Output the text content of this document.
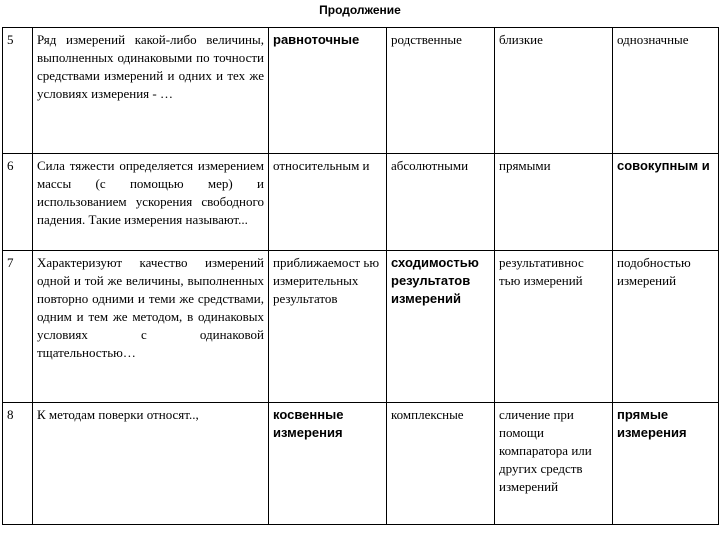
Продолжение
5	Ряд измерений какой-либо величины, выполненных одинаковыми по точности средствами измерений и одних и тех же условиях измерения - …	равноточные	родственные	близкие	однозначные
6	Сила тяжести определяется измерением массы (с помощью мер) и использованием ускорения свободного падения. Такие измерения называют...	относительным и	абсолютными	прямыми	совокупным и
7	Характеризуют качество измерений одной и той же величины, выполненных повторно одними и теми же средствами, одним и тем же методом, в одинаковых условиях с одинаковой тщательностью…	приближаемост ью измерительных результатов	сходимостью результатов измерений	результативнос тью измерений	подобностью измерений
8	К методам поверки относят..,	косвенные измерения	комплексные	сличение при помощи компаратора или других средств измерений	прямые измерения
